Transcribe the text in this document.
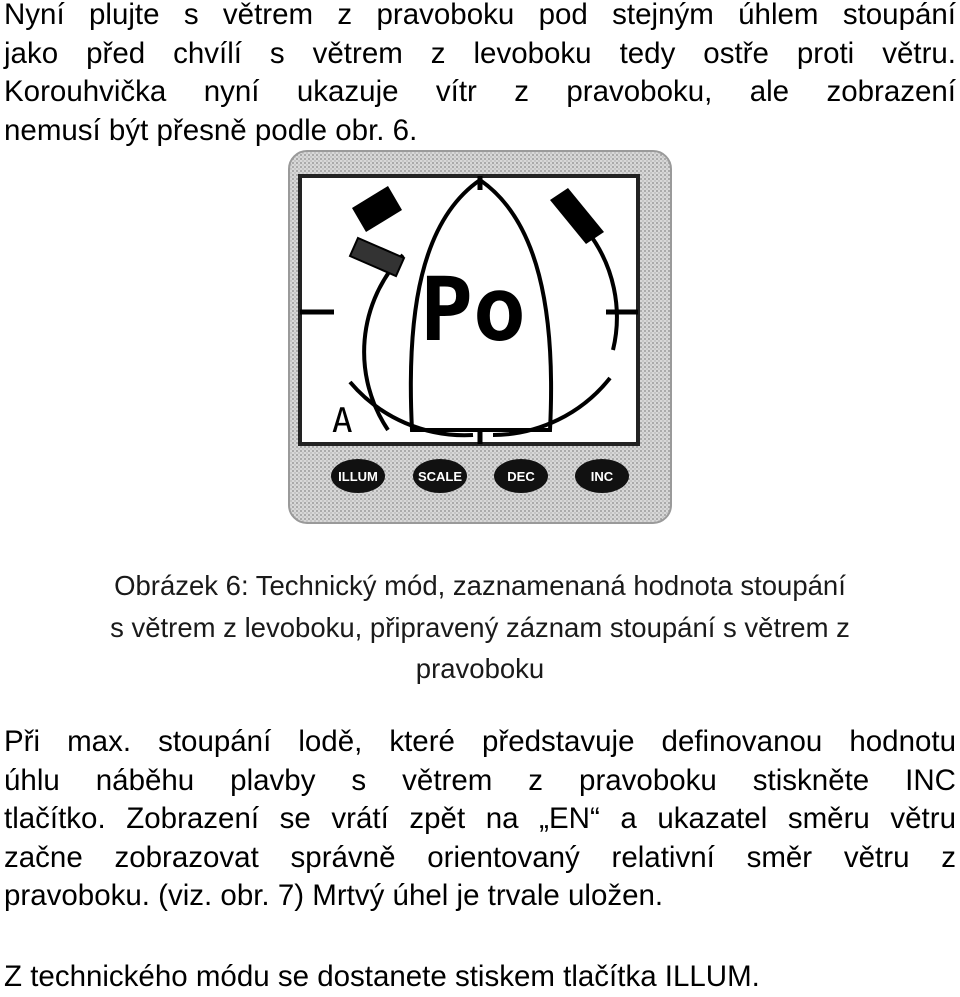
Nyní plujte s větrem z pravoboku pod stejným úhlem stoupání
jako před chvílí s větrem z levoboku tedy ostře proti větru.
Korouhvička nyní ukazuje vítr z pravoboku, ale zobrazení
nemusí být přesně podle obr. 6.

Po
A
ILLUM	SCALE	DEC	INC

Obrázek 6: Technický mód, zaznamenaná hodnota stoupání
s větrem z levoboku, připravený záznam stoupání s větrem z
pravoboku

Při max. stoupání lodě, které představuje definovanou hodnotu
úhlu náběhu plavby s větrem z pravoboku stiskněte INC
tlačítko. Zobrazení se vrátí zpět na „EN“ a ukazatel směru větru
začne zobrazovat správně orientovaný relativní směr větru z
pravoboku. (viz. obr. 7) Mrtvý úhel je trvale uložen.

Z technického módu se dostanete stiskem tlačítka ILLUM.
